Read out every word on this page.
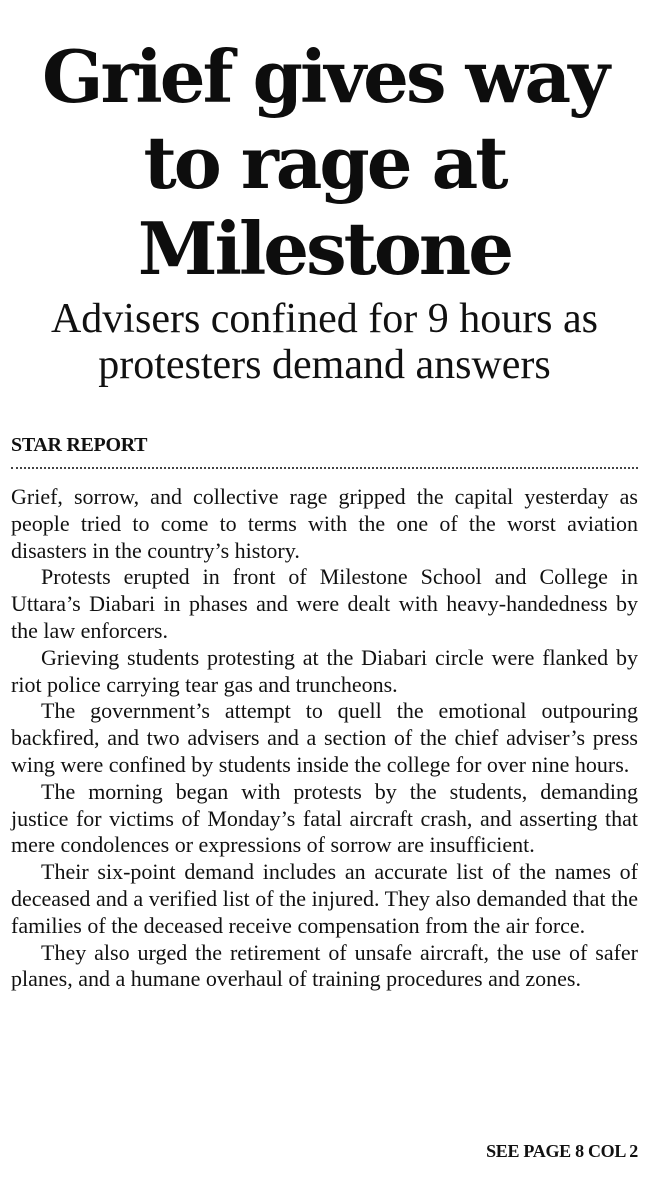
Grief gives way to rage at Milestone
Advisers confined for 9 hours as protesters demand answers
STAR REPORT

Grief, sorrow, and collective rage gripped the capital yesterday as people tried to come to terms with the one of the worst aviation disasters in the country’s history.

Protests erupted in front of Milestone School and College in Uttara’s Diabari in phases and were dealt with heavy-handedness by the law enforcers.

Grieving students protesting at the Diabari circle were flanked by riot police carrying tear gas and truncheons.

The government’s attempt to quell the emotional outpouring backfired, and two advisers and a section of the chief adviser’s press wing were confined by students inside the college for over nine hours.

The morning began with protests by the students, demanding justice for victims of Monday’s fatal aircraft crash, and asserting that mere condolences or expressions of sorrow are insufficient.

Their six-point demand includes an accurate list of the names of deceased and a verified list of the injured. They also demanded that the families of the deceased receive compensation from the air force.

They also urged the retirement of unsafe aircraft, the use of safer planes, and a humane overhaul of training procedures and zones.

SEE PAGE 8 COL 2
